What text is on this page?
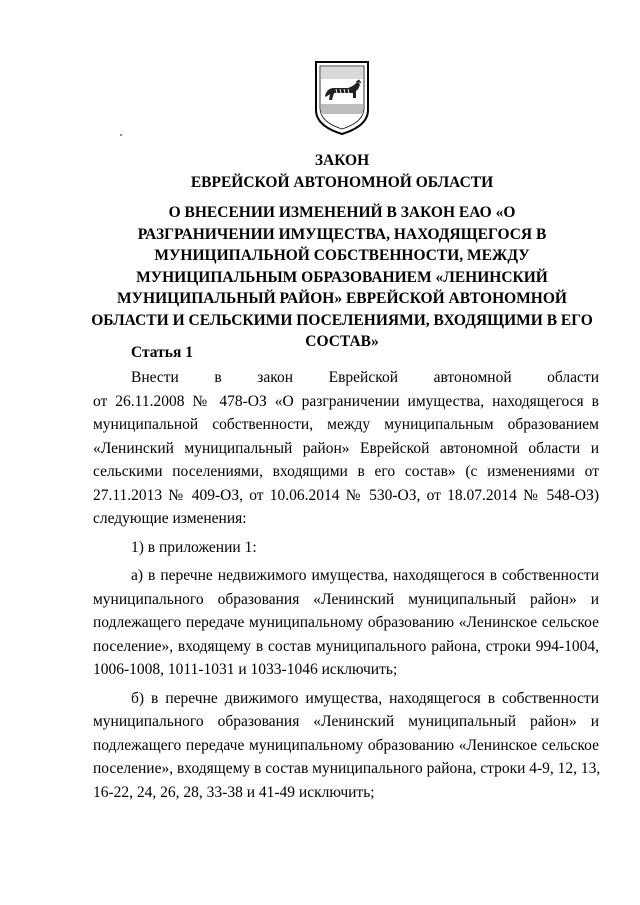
ЗАКОН
ЕВРЕЙСКОЙ АВТОНОМНОЙ ОБЛАСТИ
О ВНЕСЕНИИ ИЗМЕНЕНИЙ В ЗАКОН ЕАО «О
РАЗГРАНИЧЕНИИ ИМУЩЕСТВА, НАХОДЯЩЕГОСЯ В
МУНИЦИПАЛЬНОЙ СОБСТВЕННОСТИ, МЕЖДУ
МУНИЦИПАЛЬНЫМ ОБРАЗОВАНИЕМ «ЛЕНИНСКИЙ
МУНИЦИПАЛЬНЫЙ РАЙОН» ЕВРЕЙСКОЙ АВТОНОМНОЙ
ОБЛАСТИ И СЕЛЬСКИМИ ПОСЕЛЕНИЯМИ, ВХОДЯЩИМИ В ЕГО
СОСТАВ»
Статья 1
Внести в закон Еврейской автономной области
от 26.11.2008 № 478-ОЗ «О разграничении имущества, находящегося в
муниципальной собственности, между муниципальным образованием
«Ленинский муниципальный район» Еврейской автономной области и
сельскими поселениями, входящими в его состав» (с изменениями от
27.11.2013 № 409-ОЗ, от 10.06.2014 № 530-ОЗ, от 18.07.2014 № 548-ОЗ)
следующие изменения:
1) в приложении 1:
а) в перечне недвижимого имущества, находящегося в собственности
муниципального образования «Ленинский муниципальный район» и
подлежащего передаче муниципальному образованию «Ленинское сельское
поселение», входящему в состав муниципального района, строки 994-1004,
1006-1008, 1011-1031 и 1033-1046 исключить;
б) в перечне движимого имущества, находящегося в собственности
муниципального образования «Ленинский муниципальный район» и
подлежащего передаче муниципальному образованию «Ленинское сельское
поселение», входящему в состав муниципального района, строки 4-9, 12, 13,
16-22, 24, 26, 28, 33-38 и 41-49 исключить;
